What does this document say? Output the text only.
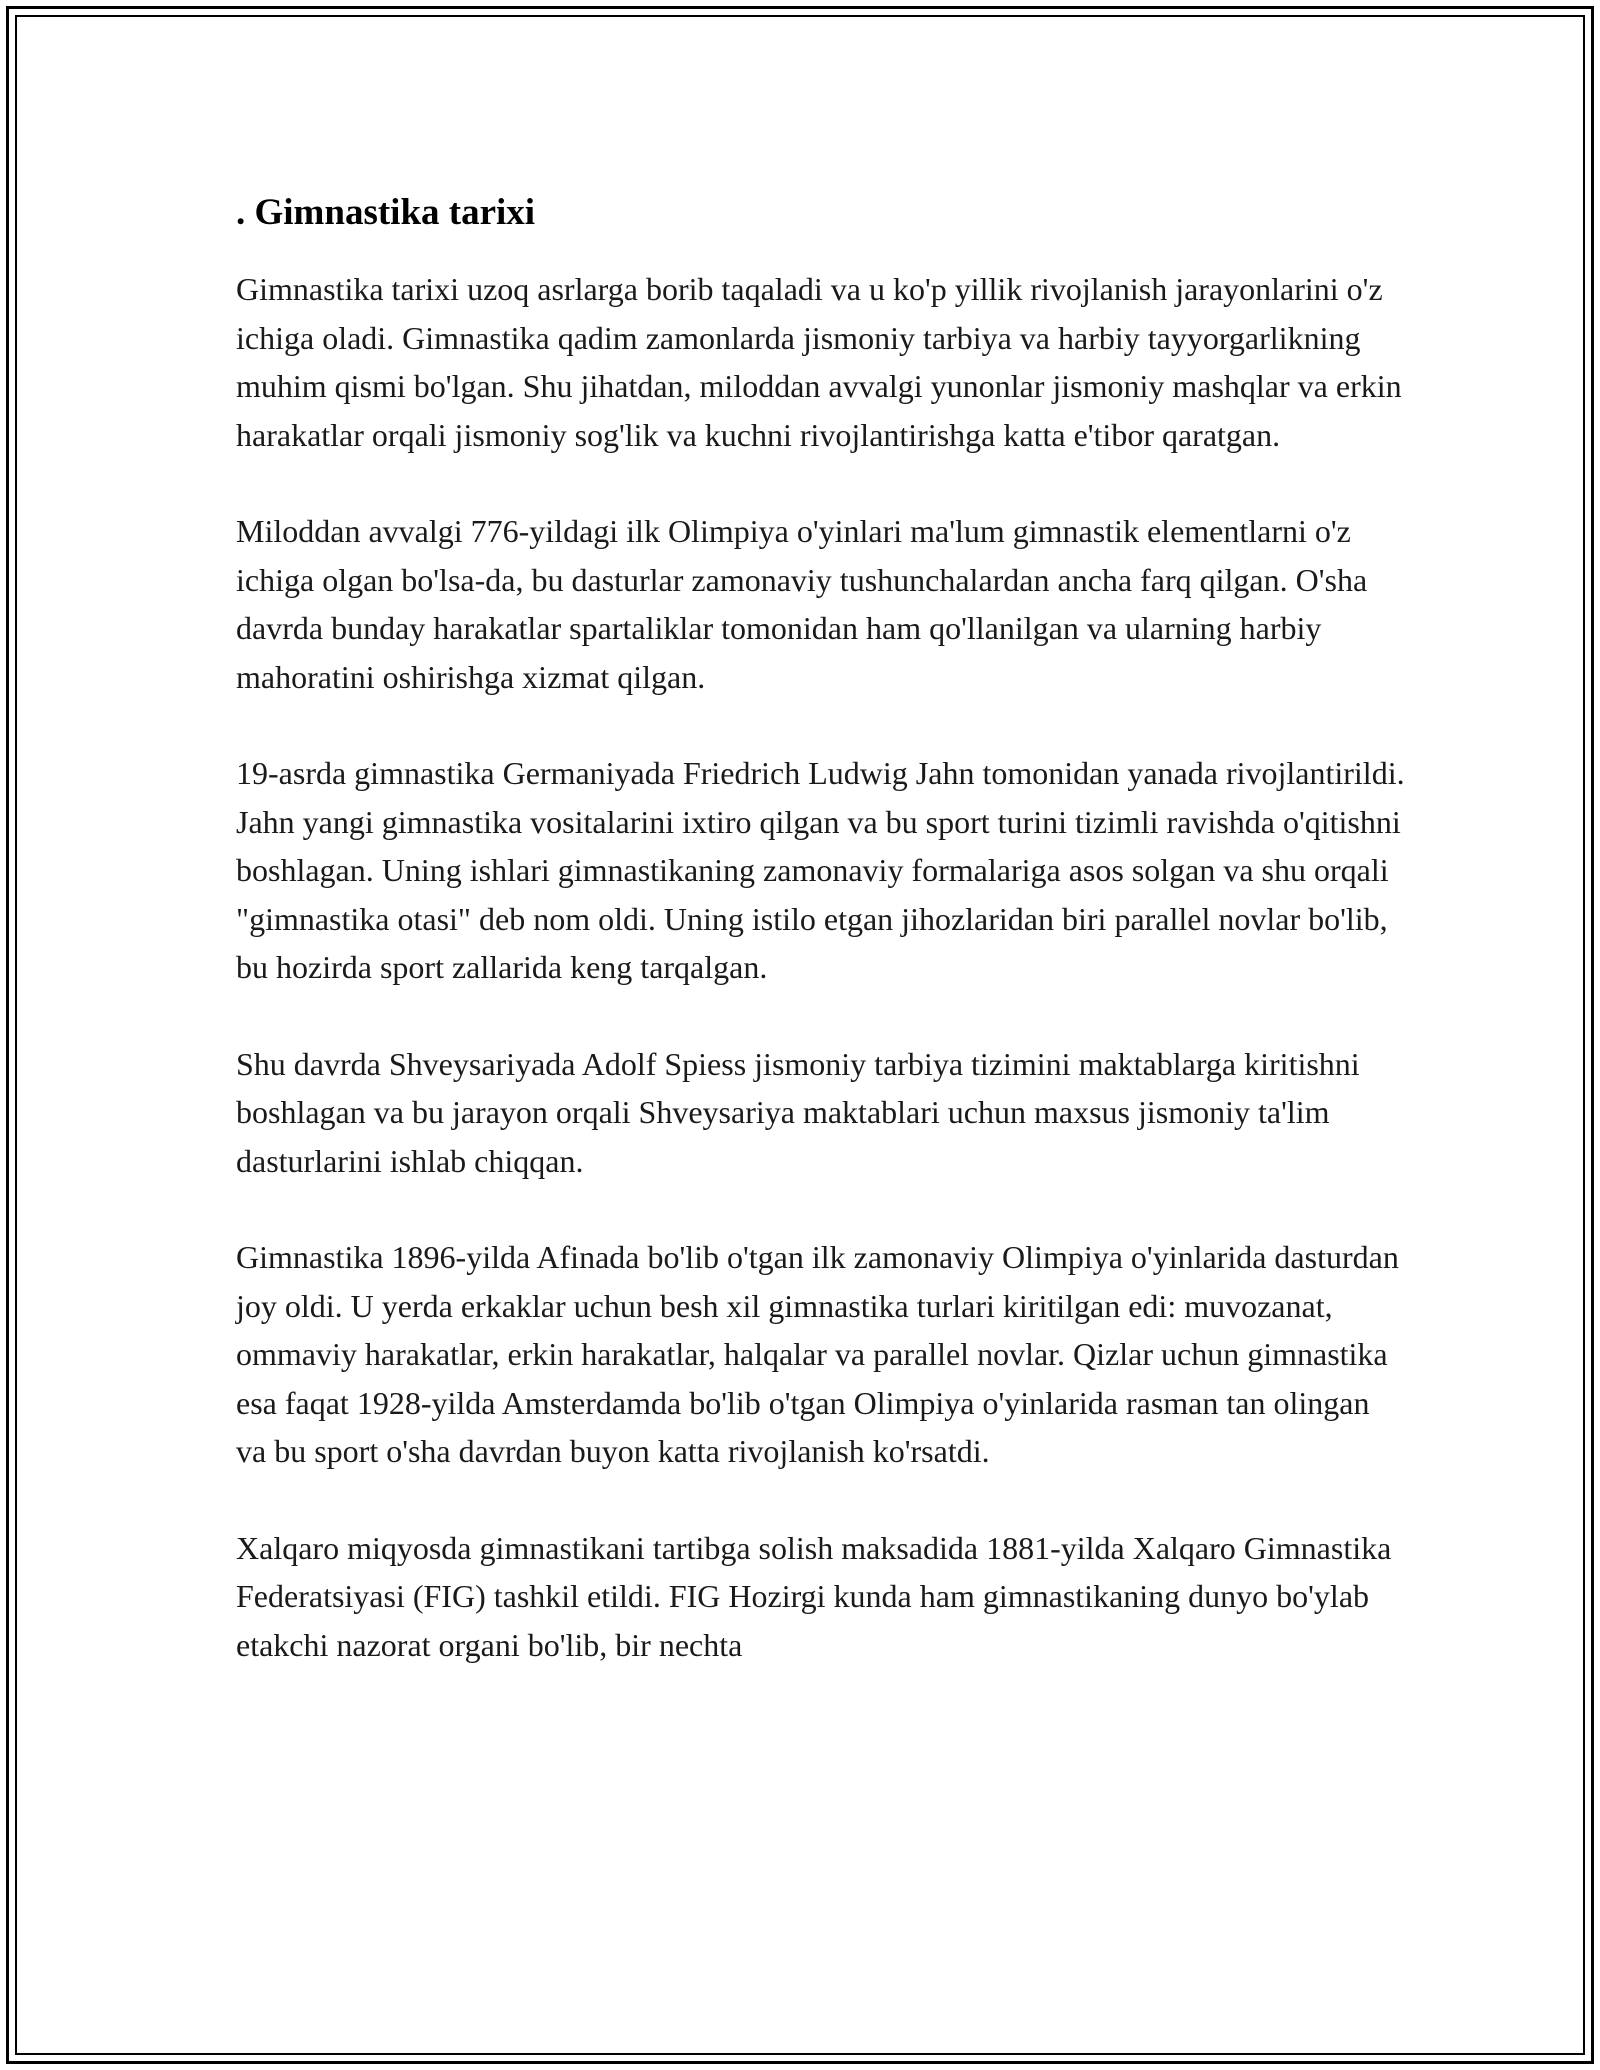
. Gimnastika tarixi

Gimnastika tarixi uzoq asrlarga borib taqaladi va u ko'p yillik rivojlanish jarayonlarini o'z ichiga oladi. Gimnastika qadim zamonlarda jismoniy tarbiya va harbiy tayyorgarlikning muhim qismi bo'lgan. Shu jihatdan, miloddan avvalgi yunonlar jismoniy mashqlar va erkin harakatlar orqali jismoniy sog'lik va kuchni rivojlantirishga katta e'tibor qaratgan.

Miloddan avvalgi 776-yildagi ilk Olimpiya o'yinlari ma'lum gimnastik elementlarni o'z ichiga olgan bo'lsa-da, bu dasturlar zamonaviy tushunchalardan ancha farq qilgan. O'sha davrda bunday harakatlar spartaliklar tomonidan ham qo'llanilgan va ularning harbiy mahoratini oshirishga xizmat qilgan.

19-asrda gimnastika Germaniyada Friedrich Ludwig Jahn tomonidan yanada rivojlantirildi. Jahn yangi gimnastika vositalarini ixtiro qilgan va bu sport turini tizimli ravishda o'qitishni boshlagan. Uning ishlari gimnastikaning zamonaviy formalariga asos solgan va shu orqali "gimnastika otasi" deb nom oldi. Uning istilo etgan jihozlaridan biri parallel novlar bo'lib, bu hozirda sport zallarida keng tarqalgan.

Shu davrda Shveysariyada Adolf Spiess jismoniy tarbiya tizimini maktablarga kiritishni boshlagan va bu jarayon orqali Shveysariya maktablari uchun maxsus jismoniy ta'lim dasturlarini ishlab chiqqan.

Gimnastika 1896-yilda Afinada bo'lib o'tgan ilk zamonaviy Olimpiya o'yinlarida dasturdan joy oldi. U yerda erkaklar uchun besh xil gimnastika turlari kiritilgan edi: muvozanat, ommaviy harakatlar, erkin harakatlar, halqalar va parallel novlar. Qizlar uchun gimnastika esa faqat 1928-yilda Amsterdamda bo'lib o'tgan Olimpiya o'yinlarida rasman tan olingan va bu sport o'sha davrdan buyon katta rivojlanish ko'rsatdi.

Xalqaro miqyosda gimnastikani tartibga solish maksadida 1881-yilda Xalqaro Gimnastika Federatsiyasi (FIG) tashkil etildi. FIG Hozirgi kunda ham gimnastikaning dunyo bo'ylab etakchi nazorat organi bo'lib, bir nechta
